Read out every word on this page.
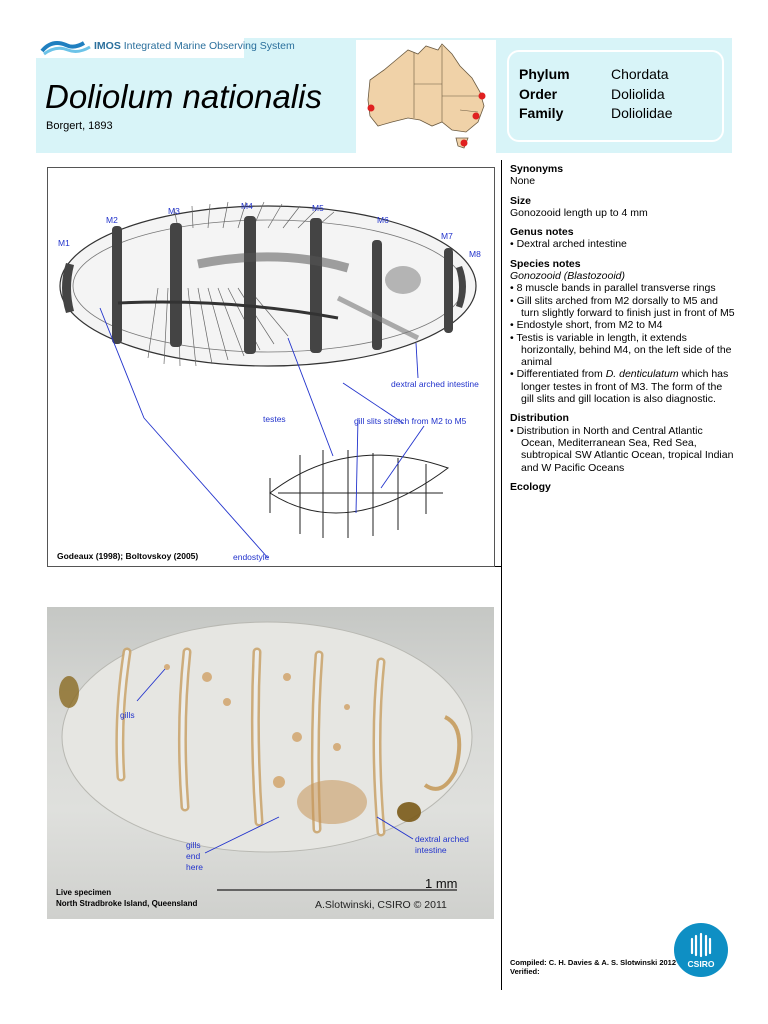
IMOS Integrated Marine Observing System
Doliolum nationalis
Borgert, 1893
Phylum	Chordata
Order	Doliolida
Family	Doliolidae
Synonyms
None
Size
Gonozooid length up to 4 mm
Genus notes
• Dextral arched intestine
Species notes
Gonozooid (Blastozooid)
• 8 muscle bands in parallel transverse rings
• Gill slits arched from M2 dorsally to M5 and turn slightly forward to finish just in front of M5
• Endostyle short, from M2 to M4
• Testis is variable in length, it extends horizontally, behind M4, on the left side of the animal
• Differentiated from D. denticulatum which has longer testes in front of M3. The form of the gill slits and gill location is also diagnostic.
Distribution
• Distribution in North and Central Atlantic Ocean, Mediterranean Sea, Red Sea, subtropical SW Atlantic Ocean, tropical Indian and W Pacific Oceans
Ecology
M1
M2
M3	M4	M5
M6
M7
M8
dextral arched intestine
testes	gill slits stretch from M2 to M5
endostyle
Godeaux (1998); Boltovskoy (2005)
gills
gills
end
here
dextral arched
intestine
1 mm
A.Slotwinski, CSIRO © 2011
Live specimen
North Stradbroke Island, Queensland
Compiled: C. H. Davies & A. S. Slotwinski 2012
Verified:
CSIRO
